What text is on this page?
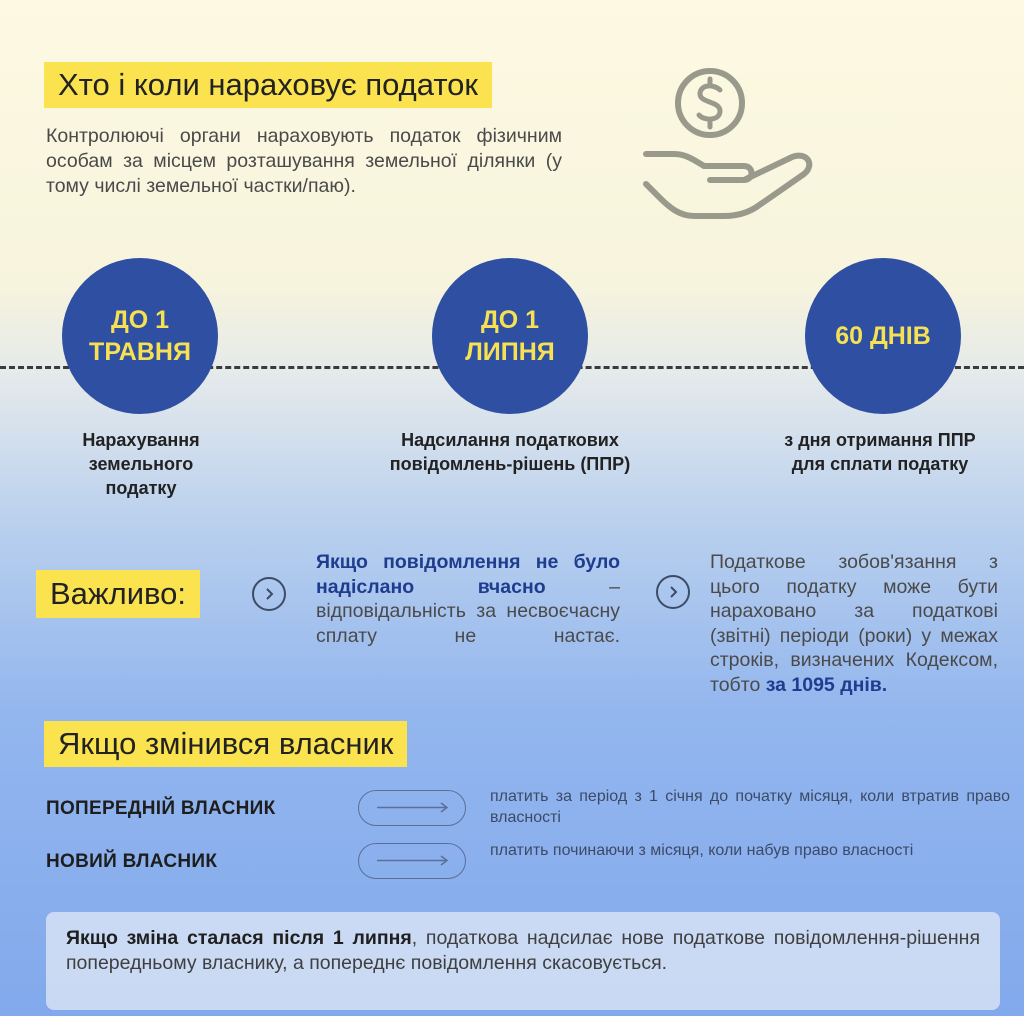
Хто і коли нараховує податок
Контролюючі органи нараховують податок фізичним особам за місцем розташування земельної ділянки (у тому числі земельної частки/паю).
ДО 1
ТРАВНЯ
ДО 1
ЛИПНЯ
60 ДНІВ
Нарахування земельного податку
Надсилання податкових повідомлень-рішень (ППР)
з дня отримання ППР для сплати податку
Важливо:
Якщо повідомлення не було надіслано вчасно – відповідальність за несвоєчасну сплату не настає.
Податкове зобов'язання з цього податку може бути нараховано за податкові (звітні) періоди (роки) у межах строків, визначених Кодексом, тобто за 1095 днів.
Якщо змінився власник
ПОПЕРЕДНІЙ ВЛАСНИК
платить за період з 1 січня до початку місяця, коли втратив право власності
НОВИЙ ВЛАСНИК
платить починаючи з місяця, коли набув право власності
Якщо зміна сталася після 1 липня, податкова надсилає нове податкове повідомлення-рішення попередньому власнику, а попереднє повідомлення скасовується.
